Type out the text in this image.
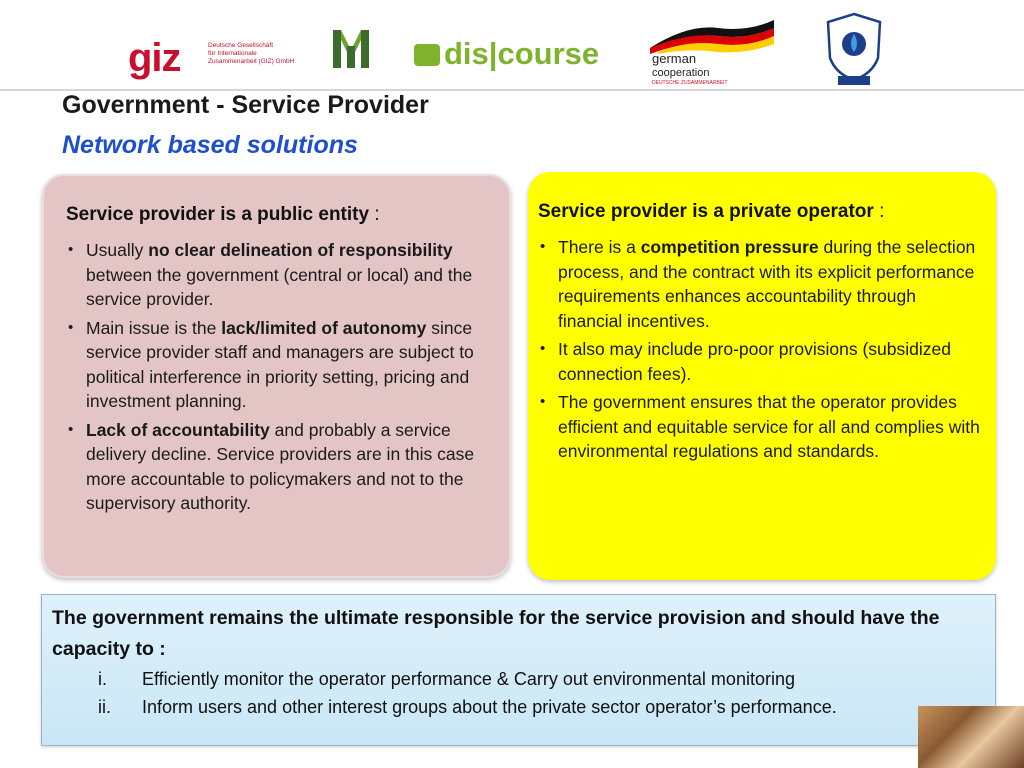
giz	Deutsche Gesellschaft
für Internationale
Zusammenarbeit (GIZ) GmbH	dis|course	german
cooperation
DEUTSCHE ZUSAMMENARBEIT
Government - Service Provider
Network based solutions

Service provider is a public entity :

• Usually no clear delineation of responsibility between the government (central or local) and the service provider.
• Main issue is the lack/limited of autonomy since service provider staff and managers are subject to political interference in priority setting, pricing and investment planning.
• Lack of accountability and probably a service delivery decline. Service providers are in this case more accountable to policymakers and not to the supervisory authority.

Service provider is a private operator :

• There is a competition pressure during the selection process, and the contract with its explicit performance requirements enhances accountability through financial incentives.
• It also may include pro-poor provisions (subsidized connection fees).
• The government ensures that the operator provides efficient and equitable service for all and complies with environmental regulations and standards.

The government remains the ultimate responsible for the service provision and should have the capacity to :

i. Efficiently monitor the operator performance & Carry out environmental monitoring
ii. Inform users and other interest groups about the private sector operator’s performance.
